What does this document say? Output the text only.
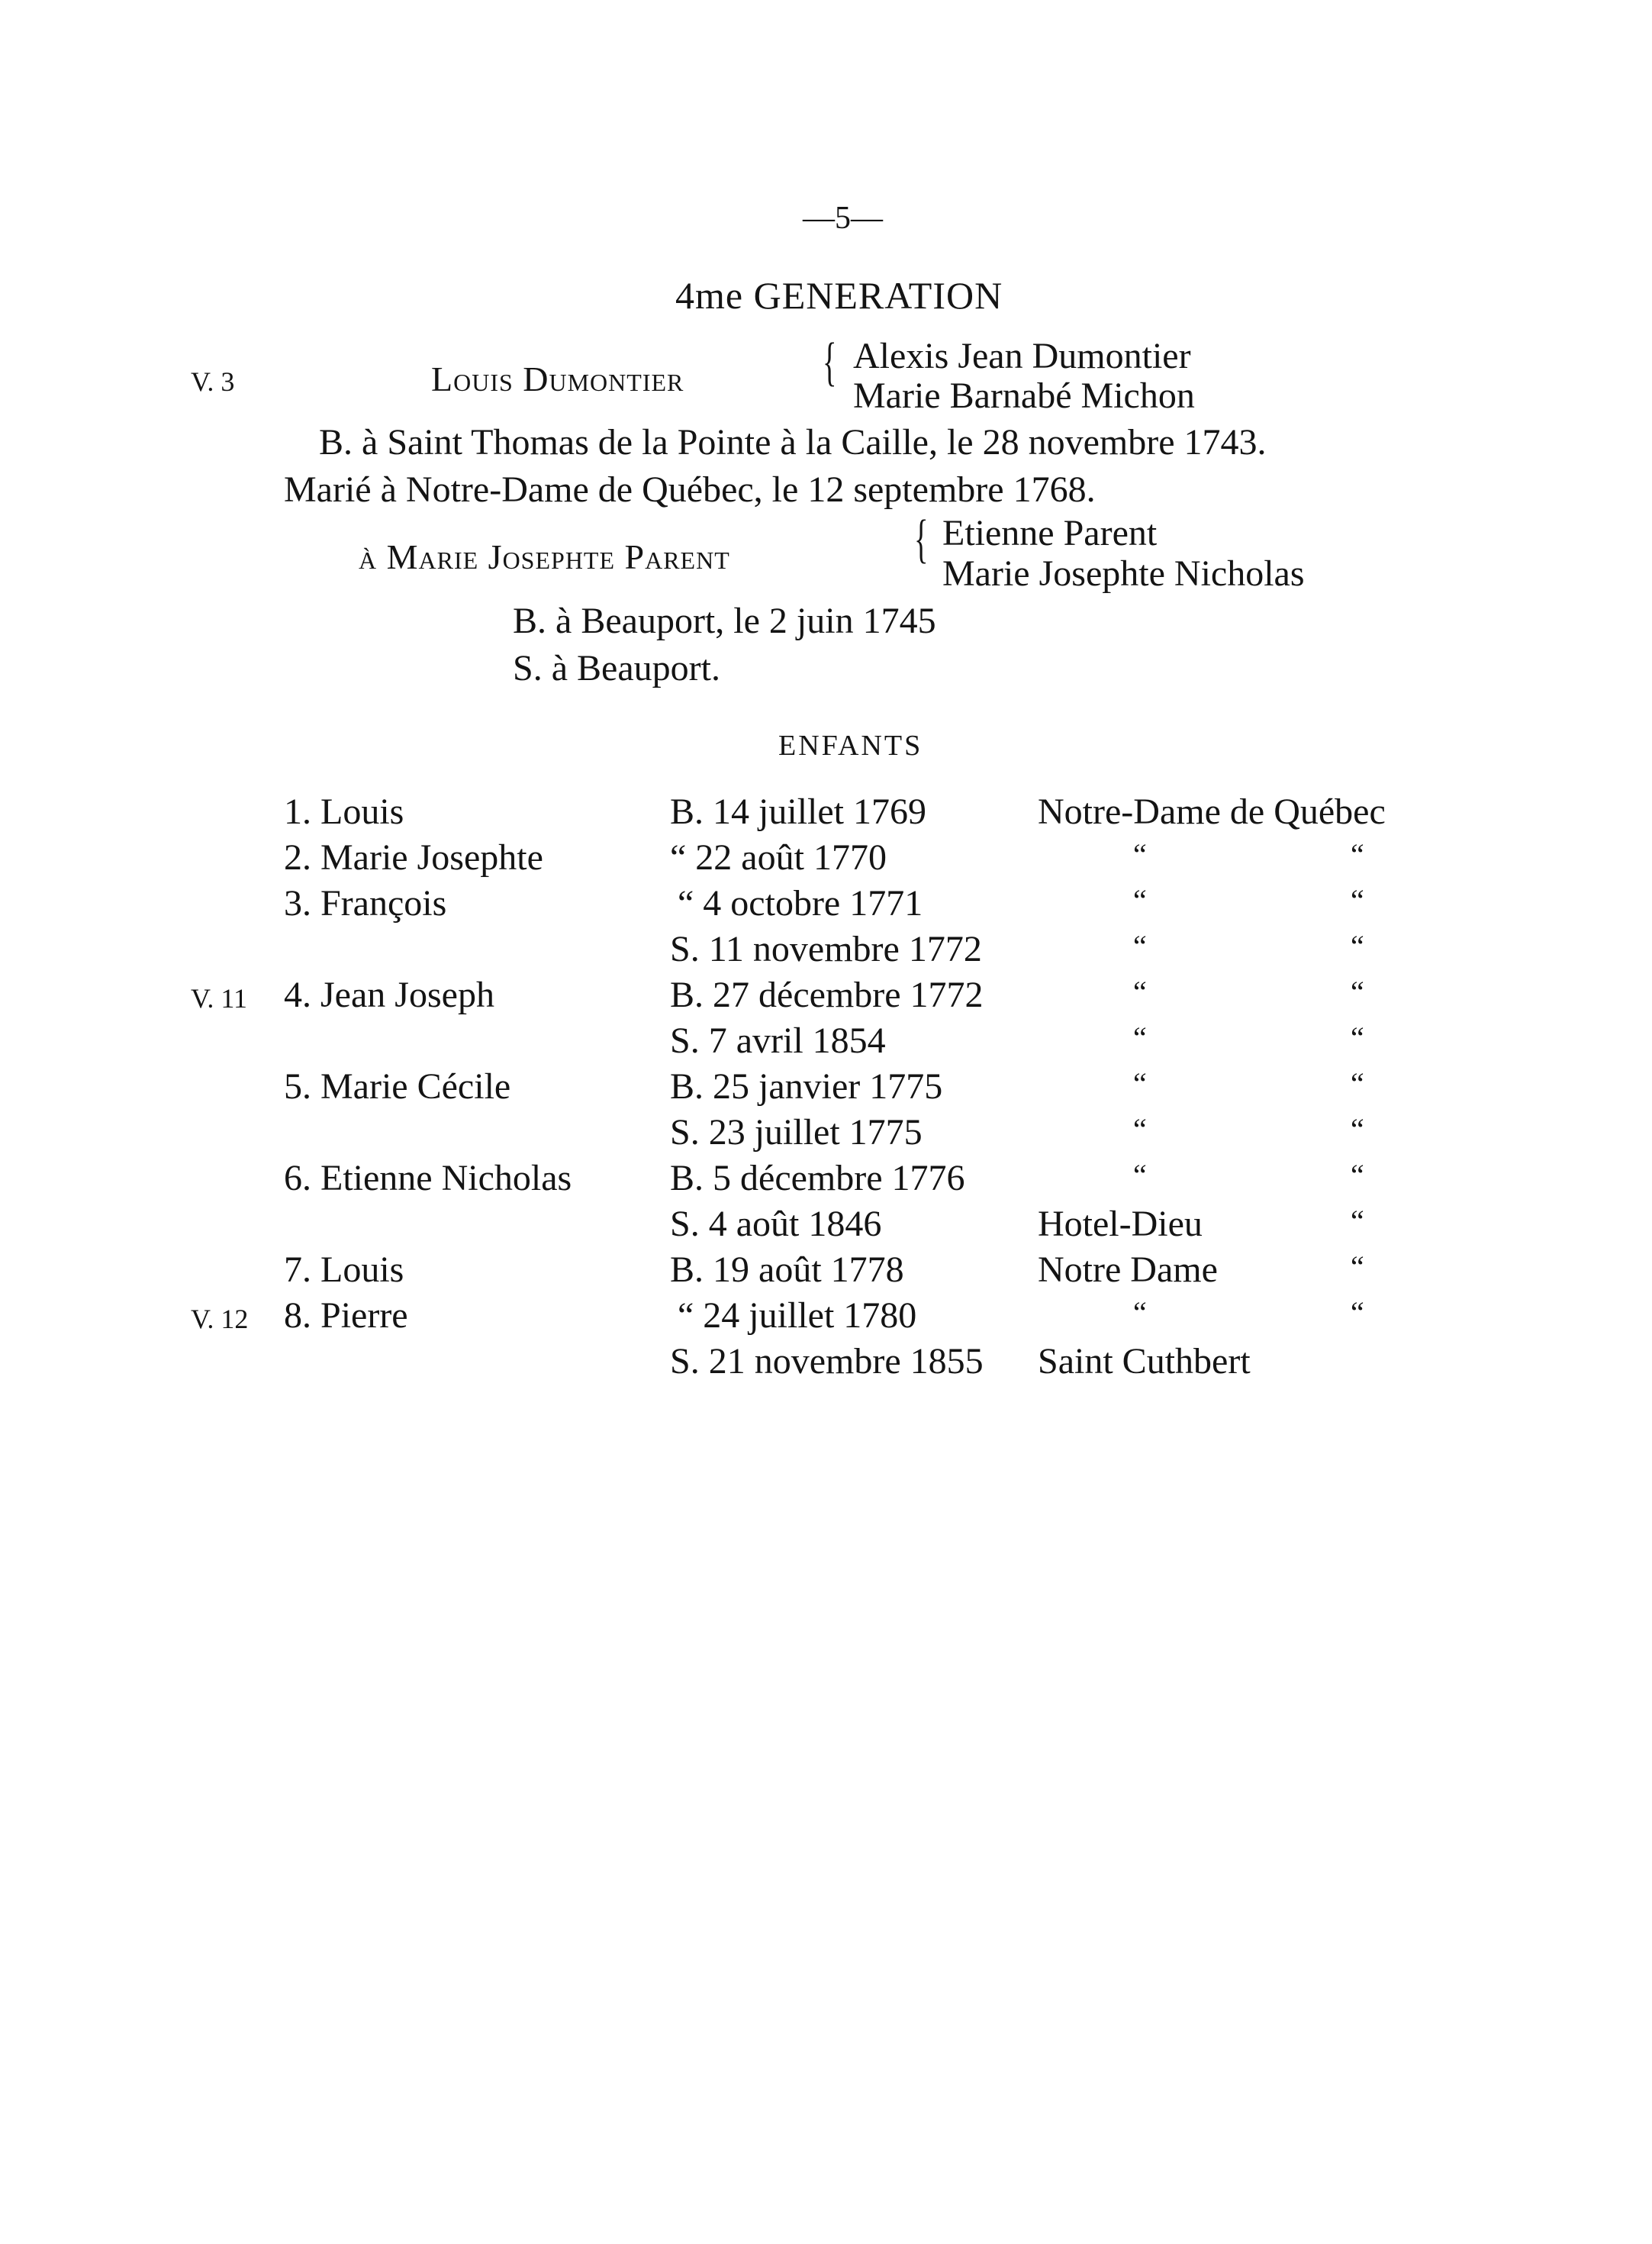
—5—
4me GENERATION
V. 3	Louis Dumontier	{ Alexis Jean Dumontier
Marie Barnabé Michon
B. à Saint Thomas de la Pointe à la Caille, le 28 novembre 1743.
Marié à Notre-Dame de Québec, le 12 septembre 1768.
à Marie Josephte Parent	{ Etienne Parent
Marie Josephte Nicholas
B. à Beauport, le 2 juin 1745
S. à Beauport.
ENFANTS
1. Louis	B. 14 juillet 1769	Notre-Dame de Québec
2. Marie Josephte	“ 22 août 1770	“	“
3. François	“ 4 octobre 1771	“	“
S. 11 novembre 1772	“	“
V. 11 4. Jean Joseph	B. 27 décembre 1772	“	“
S. 7 avril 1854	“	“
5. Marie Cécile	B. 25 janvier 1775	“	“
S. 23 juillet 1775	“	“
6. Etienne Nicholas	B. 5 décembre 1776	“	“
S. 4 août 1846	Hotel-Dieu	“
7. Louis	B. 19 août 1778	Notre Dame	“
V. 12 8. Pierre	“ 24 juillet 1780	“	“
S. 21 novembre 1855 Saint Cuthbert
